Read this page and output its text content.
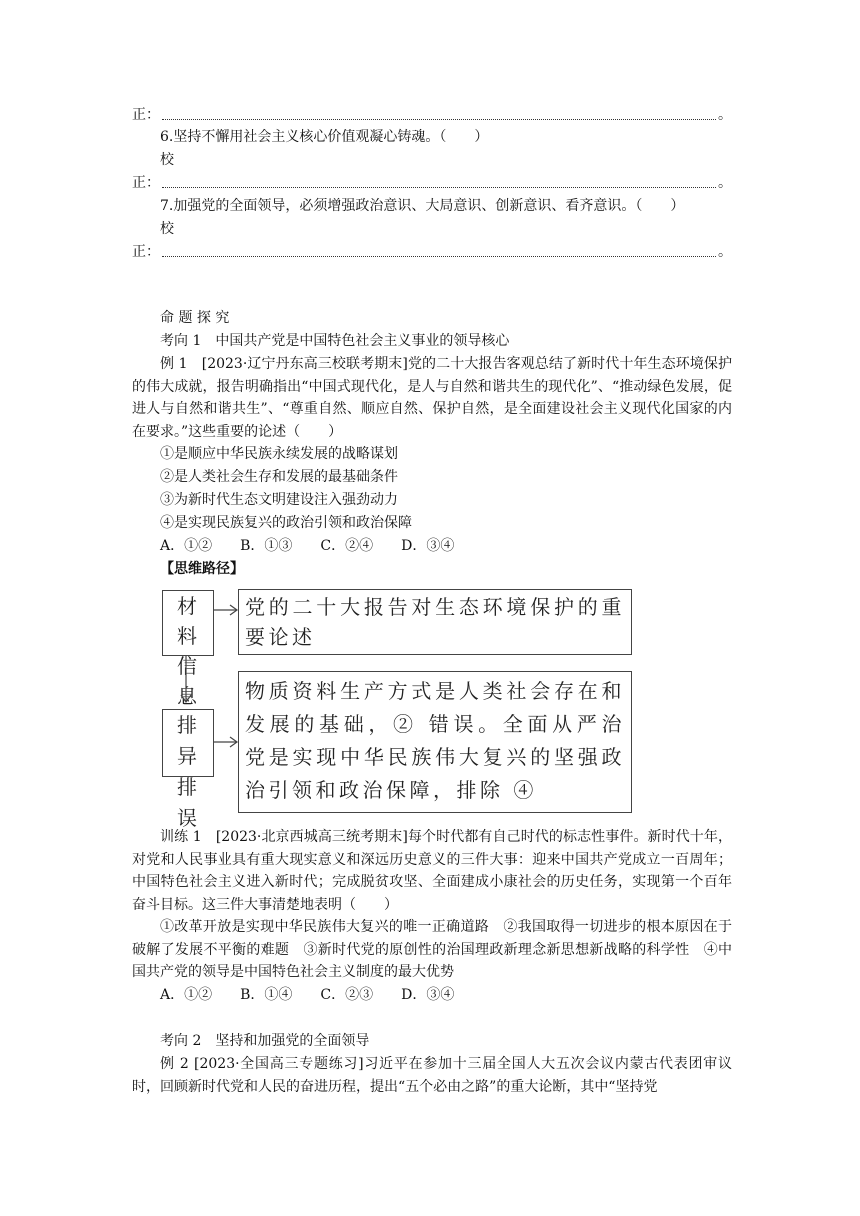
正：	。
6.坚持不懈用社会主义核心价值观凝心铸魂。（　　）
校
正：	。
7.加强党的全面领导，必须增强政治意识、大局意识、创新意识、看齐意识。（　　）
校
正：	。
命 题 探 究
考向 1　中国共产党是中国特色社会主义事业的领导核心
例 1　[2023·辽宁丹东高三校联考期末]党的二十大报告客观总结了新时代十年生态环境保护的伟大成就，报告明确指出“中国式现代化，是人与自然和谐共生的现代化”、“推动绿色发展，促进人与自然和谐共生”、“尊重自然、顺应自然、保护自然，是全面建设社会主义现代化国家的内在要求。”这些重要的论述（　　）
①是顺应中华民族永续发展的战略谋划
②是人类社会生存和发展的最基础条件
③为新时代生态文明建设注入强劲动力
④是实现民族复兴的政治引领和政治保障
A．①②　　B．①③　　C．②④　　D．③④
【思维路径】
材料
信息
党的二十大报告对生态环境保护的重要论述
排异
排误
物质资料生产方式是人类社会存在和发展的基础，② 错误。全面从严治党是实现中华民族伟大复兴的坚强政治引领和政治保障，排除 ④
训练 1　[2023·北京西城高三统考期末]每个时代都有自己时代的标志性事件。新时代十年，对党和人民事业具有重大现实意义和深远历史意义的三件大事：迎来中国共产党成立一百周年；中国特色社会主义进入新时代；完成脱贫攻坚、全面建成小康社会的历史任务，实现第一个百年奋斗目标。这三件大事清楚地表明（　　）
①改革开放是实现中华民族伟大复兴的唯一正确道路　②我国取得一切进步的根本原因在于破解了发展不平衡的难题　③新时代党的原创性的治国理政新理念新思想新战略的科学性　④中国共产党的领导是中国特色社会主义制度的最大优势
A．①②　　B．①④　　C．②③　　D．③④
考向 2　坚持和加强党的全面领导
例 2 [2023·全国高三专题练习]习近平在参加十三届全国人大五次会议内蒙古代表团审议时，回顾新时代党和人民的奋进历程，提出“五个必由之路”的重大论断，其中“坚持党
